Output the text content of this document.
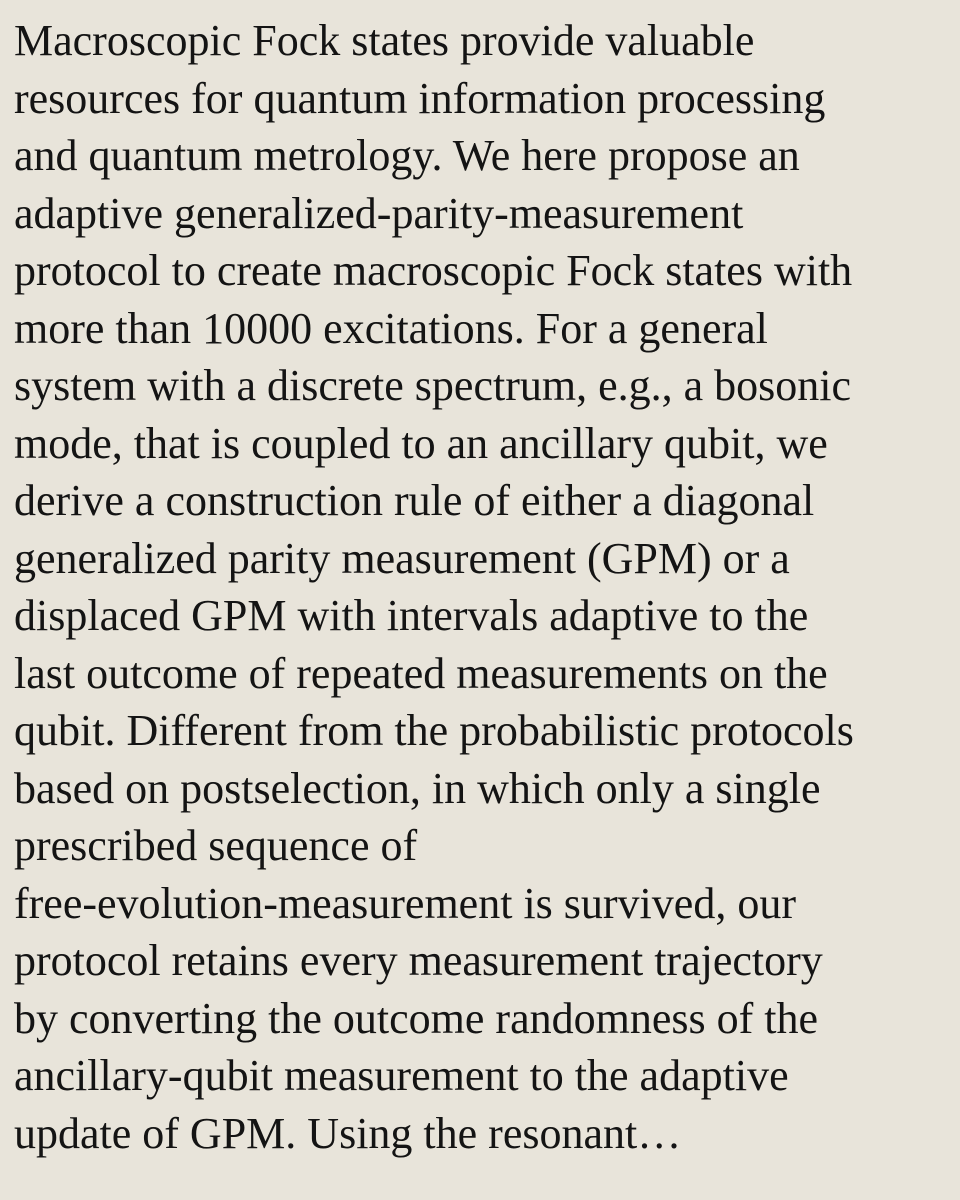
Macroscopic Fock states provide valuable
resources for quantum information processing
and quantum metrology. We here propose an
adaptive generalized-parity-measurement
protocol to create macroscopic Fock states with
more than 10000 excitations. For a general
system with a discrete spectrum, e.g., a bosonic
mode, that is coupled to an ancillary qubit, we
derive a construction rule of either a diagonal
generalized parity measurement (GPM) or a
displaced GPM with intervals adaptive to the
last outcome of repeated measurements on the
qubit. Different from the probabilistic protocols
based on postselection, in which only a single
prescribed sequence of
free-evolution-measurement is survived, our
protocol retains every measurement trajectory
by converting the outcome randomness of the
ancillary-qubit measurement to the adaptive
update of GPM. Using the resonant…
